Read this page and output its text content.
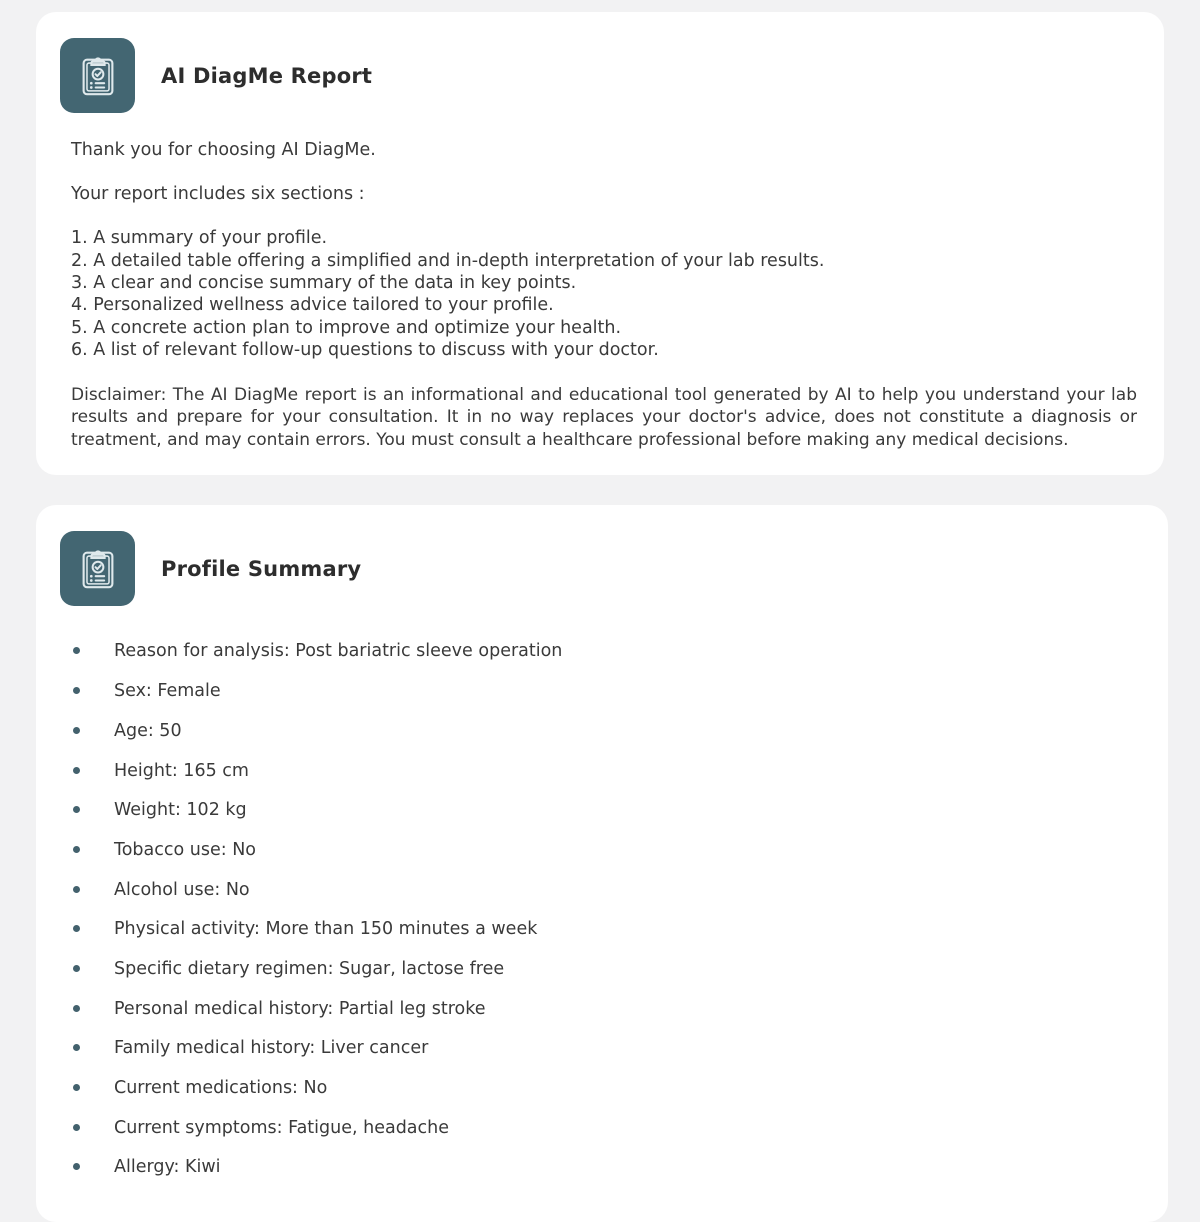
AI DiagMe Report

Thank you for choosing AI DiagMe.

Your report includes six sections :

1. A summary of your profile.
2. A detailed table offering a simplified and in-depth interpretation of your lab results.
3. A clear and concise summary of the data in key points.
4. Personalized wellness advice tailored to your profile.
5. A concrete action plan to improve and optimize your health.
6. A list of relevant follow-up questions to discuss with your doctor.

Disclaimer: The AI DiagMe report is an informational and educational tool generated by AI to help you understand your lab results and prepare for your consultation. It in no way replaces your doctor's advice, does not constitute a diagnosis or treatment, and may contain errors. You must consult a healthcare professional before making any medical decisions.

Profile Summary
Reason for analysis: Post bariatric sleeve operation
Sex: Female
Age: 50
Height: 165 cm
Weight: 102 kg
Tobacco use: No
Alcohol use: No
Physical activity: More than 150 minutes a week
Specific dietary regimen: Sugar, lactose free
Personal medical history: Partial leg stroke
Family medical history: Liver cancer
Current medications: No
Current symptoms: Fatigue, headache
Allergy: Kiwi
